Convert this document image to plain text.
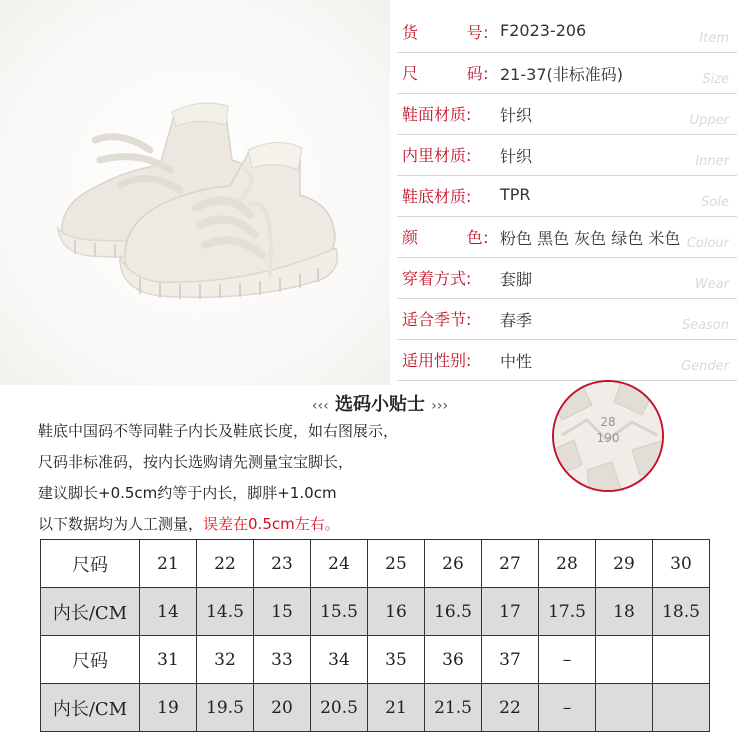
货	号: F2023-206	Item
尺	码: 21-37(非标准码)	Size
鞋面材质:	针织	Upper
内里材质:	针织	Inner
鞋底材质:	TPR	Sole
颜	色: 粉色 黑色 灰色 绿色 米色 Colour
穿着方式:	套脚	Wear
适合季节:	春季	Season
适用性别:	中性	Gender
‹‹‹ 选码小贴士 ›››
鞋底中国码不等同鞋子内长及鞋底长度，如右图展示，
尺码非标准码，按内长选购请先测量宝宝脚长，
建议脚长+0.5cm约等于内长，脚胖+1.0cm
以下数据均为人工测量，误差在0.5cm左右。
28
190
尺码	21	22	23	24	25	26	27	28	29	30
内长/CM	14	14.5	15	15.5	16	16.5	17	17.5	18	18.5
尺码	31	32	33	34	35	36	37	–		
内长/CM	19	19.5	20	20.5	21	21.5	22	–		
